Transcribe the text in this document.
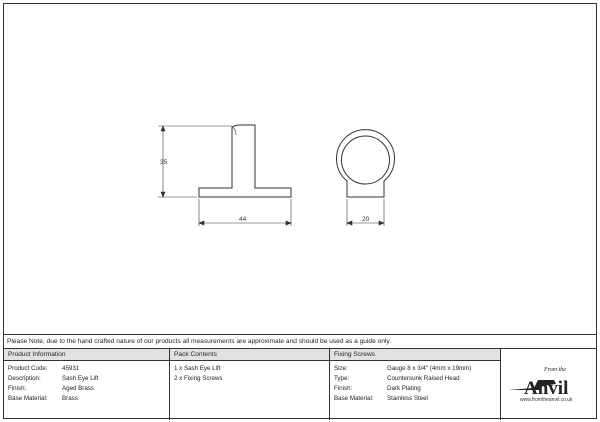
35
44	20
Please Note, due to the hand crafted nature of our products all measurements are approximate and should be used as a guide only.
Product Information
Product Code: 45931
Description:	Sash Eye Lift
Finish:	Aged Brass
Base Material: Brass
Pack Contents
1 x Sash Eye Lift
2 x Fixing Screws
Fixing Screws
Size:	Gauge 8 x 3/4" (4mm x 19mm)
Type:	Countersunk Raised Head
Finish:	Dark Plating
Base Material: Stainless Steel
From the
Anvil
www.fromtheanvil.co.uk
